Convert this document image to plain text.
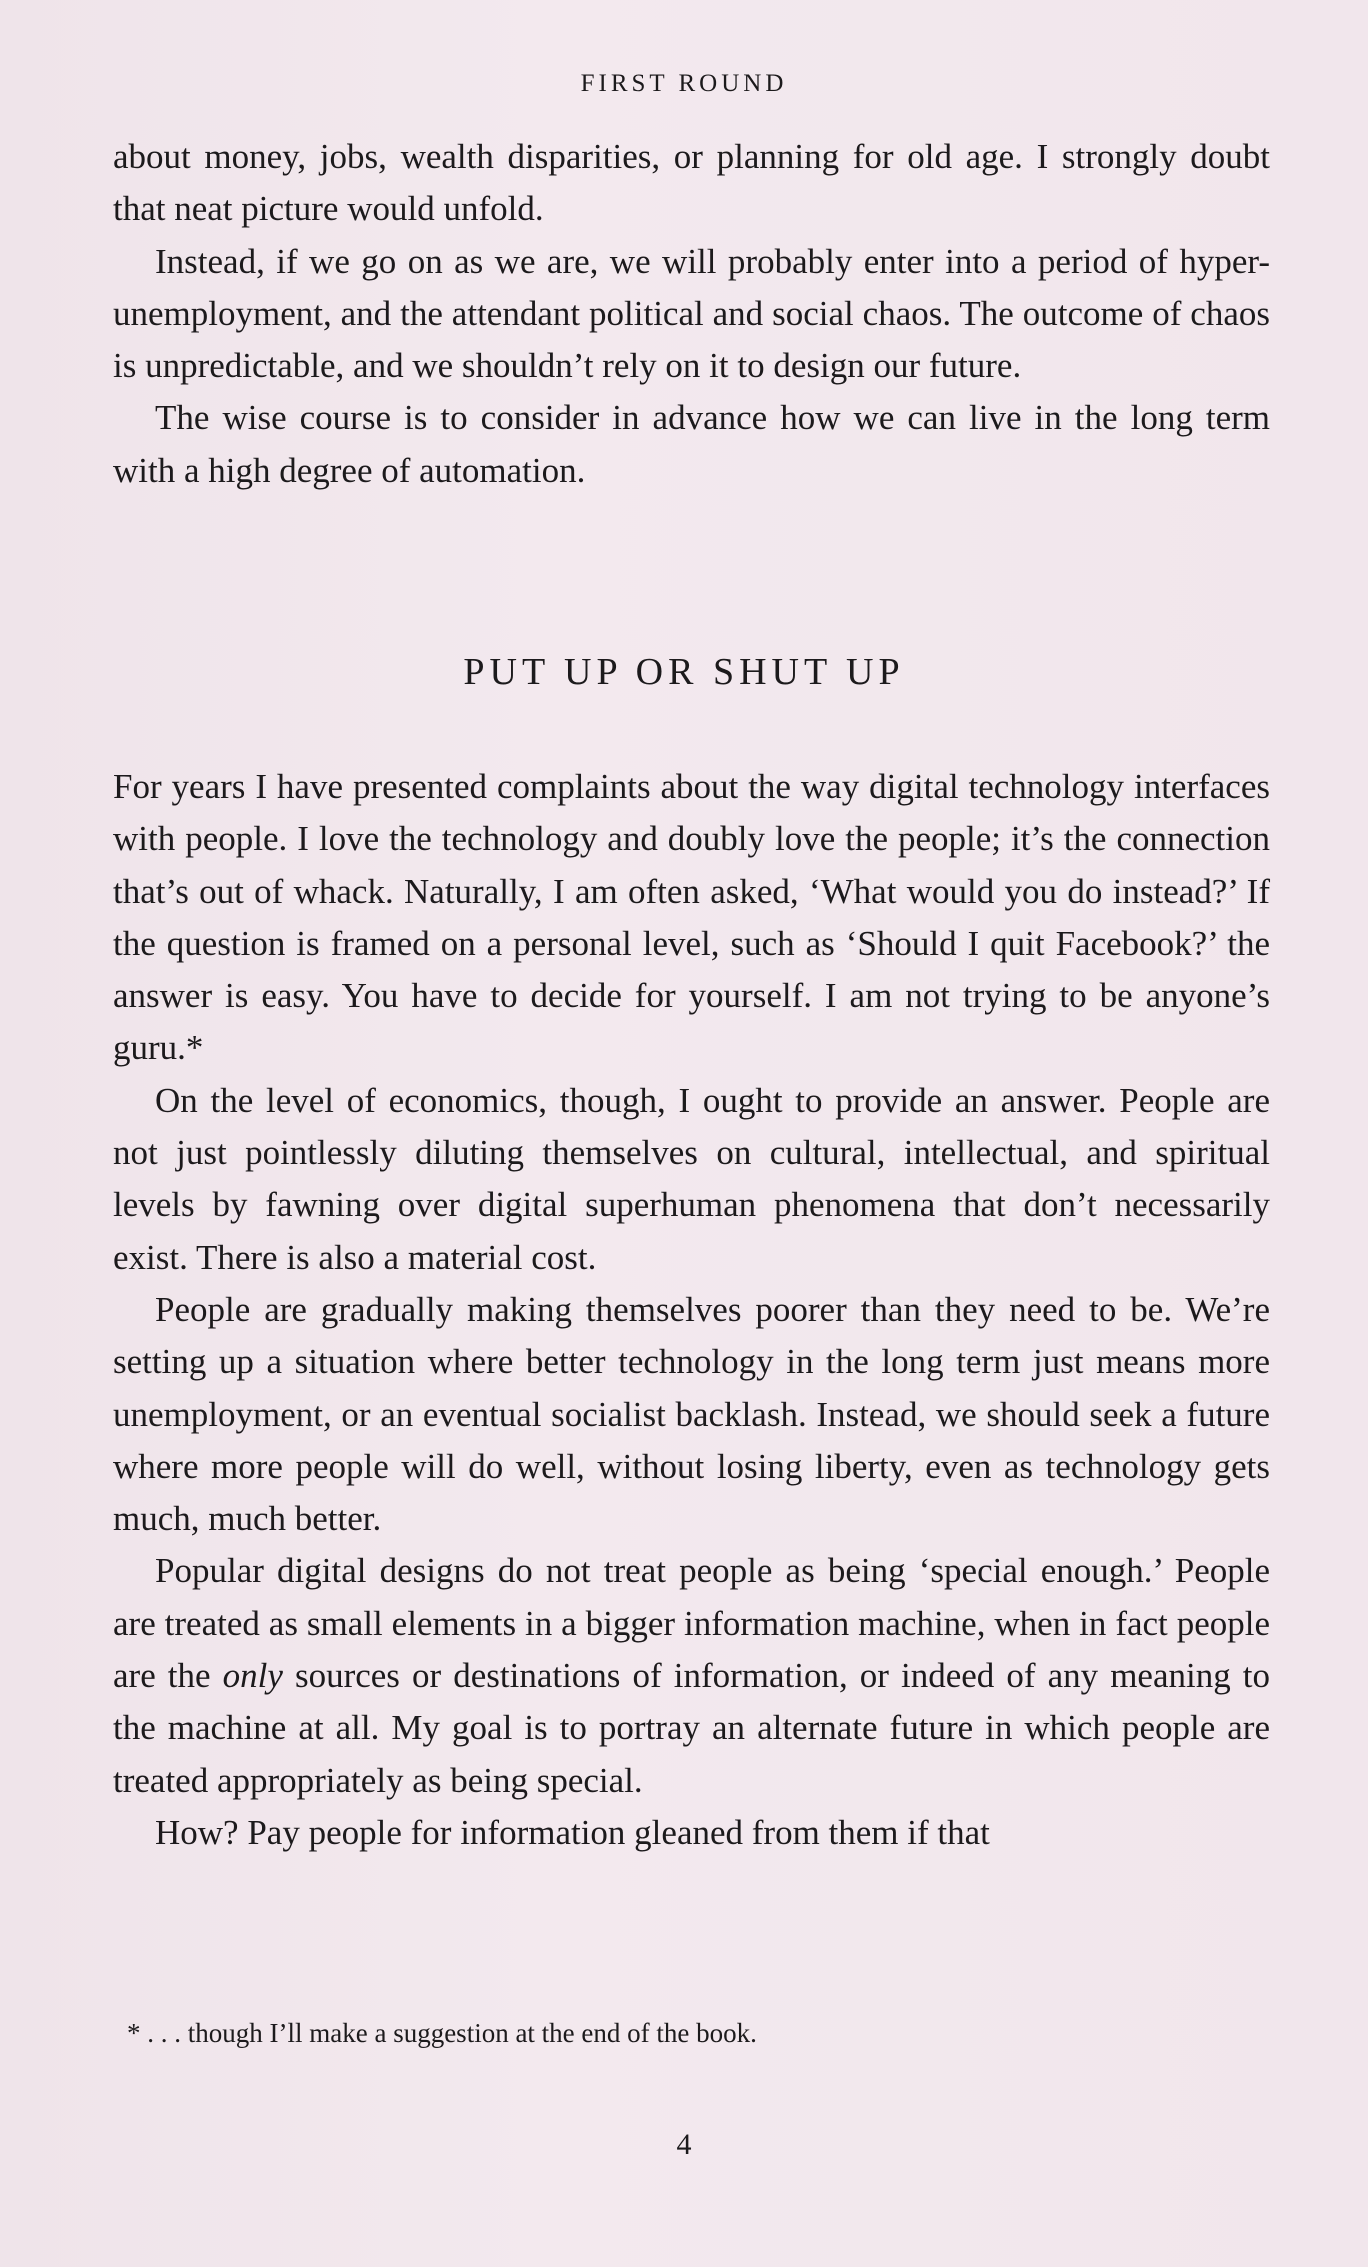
FIRST ROUND

about money, jobs, wealth disparities, or planning for old age. I strongly doubt that neat picture would unfold.

Instead, if we go on as we are, we will probably enter into a period of hyper-unemployment, and the attendant political and social chaos. The outcome of chaos is unpredictable, and we shouldn’t rely on it to design our future.

The wise course is to consider in advance how we can live in the long term with a high degree of automation.

PUT UP OR SHUT UP

For years I have presented complaints about the way digital technology interfaces with people. I love the technology and doubly love the people; it’s the connection that’s out of whack. Naturally, I am often asked, ‘What would you do instead?’ If the question is framed on a personal level, such as ‘Should I quit Facebook?’ the answer is easy. You have to decide for yourself. I am not trying to be anyone’s guru.*

On the level of economics, though, I ought to provide an answer. People are not just pointlessly diluting themselves on cultural, intellectual, and spiritual levels by fawning over digital superhuman phenomena that don’t necessarily exist. There is also a material cost.

People are gradually making themselves poorer than they need to be. We’re setting up a situation where better technology in the long term just means more unemployment, or an eventual socialist backlash. Instead, we should seek a future where more people will do well, without losing liberty, even as technology gets much, much better.

Popular digital designs do not treat people as being ‘special enough.’ People are treated as small elements in a bigger information machine, when in fact people are the only sources or destinations of information, or indeed of any meaning to the machine at all. My goal is to portray an alternate future in which people are treated appropriately as being special.

How? Pay people for information gleaned from them if that

* . . . though I’ll make a suggestion at the end of the book.
4
